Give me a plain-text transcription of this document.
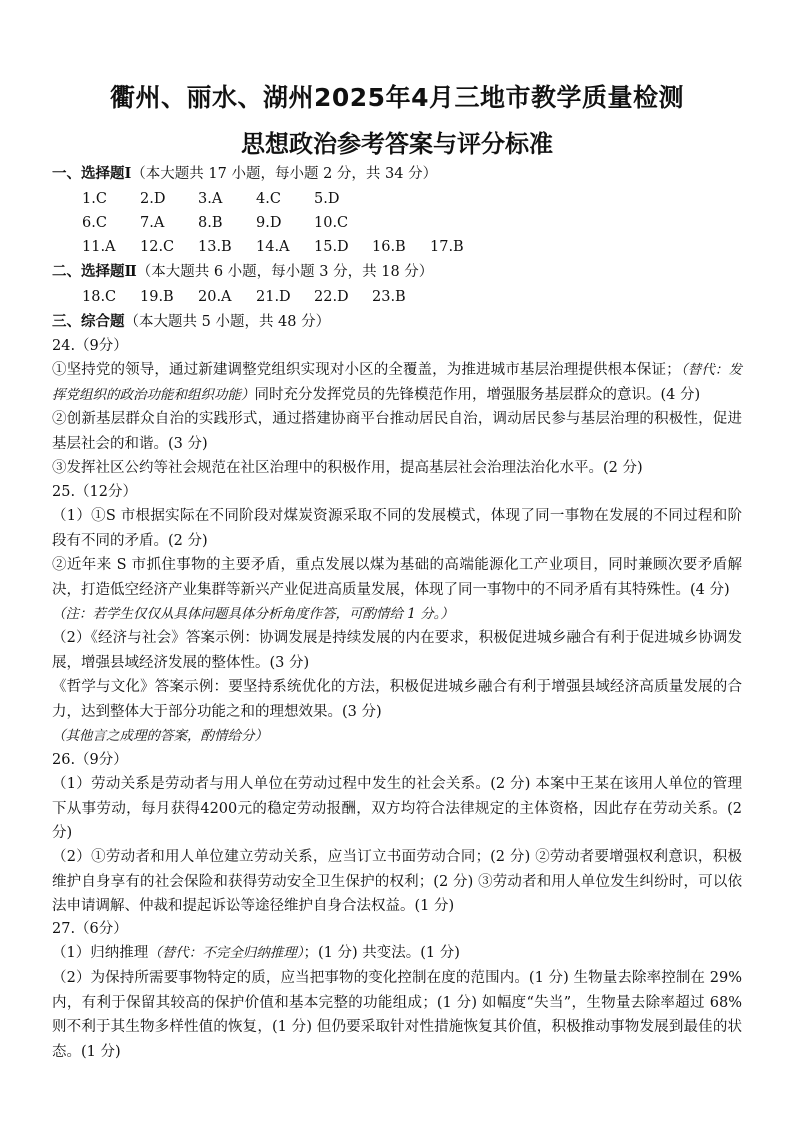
衢州、丽水、湖州2025年4月三地市教学质量检测
思想政治参考答案与评分标准
一、选择题Ⅰ（本大题共 17 小题，每小题 2 分，共 34 分）
1.C 2.D 3.A 4.C 5.D
6.C 7.A 8.B 9.D 10.C
11.A 12.C 13.B 14.A 15.D 16.B 17.B
二、选择题Ⅱ（本大题共 6 小题，每小题 3 分，共 18 分）
18.C 19.B 20.A 21.D 22.D 23.B
三、综合题（本大题共 5 小题，共 48 分）
24.（9分）
①坚持党的领导，通过新建调整党组织实现对小区的全覆盖，为推进城市基层治理提供根本保证；（替代：发挥党组织的政治功能和组织功能）同时充分发挥党员的先锋模范作用，增强服务基层群众的意识。(4 分)
②创新基层群众自治的实践形式，通过搭建协商平台推动居民自治，调动居民参与基层治理的积极性，促进基层社会的和谐。(3 分)
③发挥社区公约等社会规范在社区治理中的积极作用，提高基层社会治理法治化水平。(2 分)
25.（12分）
（1）①S 市根据实际在不同阶段对煤炭资源采取不同的发展模式，体现了同一事物在发展的不同过程和阶段有不同的矛盾。(2 分)
②近年来 S 市抓住事物的主要矛盾，重点发展以煤为基础的高端能源化工产业项目，同时兼顾次要矛盾解决，打造低空经济产业集群等新兴产业促进高质量发展，体现了同一事物中的不同矛盾有其特殊性。(4 分)
（注：若学生仅仅从具体问题具体分析角度作答，可酌情给 1 分。）
（2）《经济与社会》答案示例：协调发展是持续发展的内在要求，积极促进城乡融合有利于促进城乡协调发展，增强县域经济发展的整体性。(3 分)
《哲学与文化》答案示例：要坚持系统优化的方法，积极促进城乡融合有利于增强县域经济高质量发展的合力，达到整体大于部分功能之和的理想效果。(3 分)
（其他言之成理的答案，酌情给分）
26.（9分）
（1）劳动关系是劳动者与用人单位在劳动过程中发生的社会关系。(2 分) 本案中王某在该用人单位的管理下从事劳动，每月获得4200元的稳定劳动报酬，双方均符合法律规定的主体资格，因此存在劳动关系。(2 分)
（2）①劳动者和用人单位建立劳动关系，应当订立书面劳动合同；(2 分) ②劳动者要增强权利意识，积极维护自身享有的社会保险和获得劳动安全卫生保护的权利；(2 分) ③劳动者和用人单位发生纠纷时，可以依法申请调解、仲裁和提起诉讼等途径维护自身合法权益。(1 分)
27.（6分）
（1）归纳推理（替代：不完全归纳推理）；(1 分) 共变法。(1 分)
（2）为保持所需要事物特定的质，应当把事物的变化控制在度的范围内。(1 分) 生物量去除率控制在 29%内，有利于保留其较高的保护价值和基本完整的功能组成；(1 分) 如幅度“失当”，生物量去除率超过 68%则不利于其生物多样性值的恢复，(1 分) 但仍要采取针对性措施恢复其价值，积极推动事物发展到最佳的状态。(1 分)
